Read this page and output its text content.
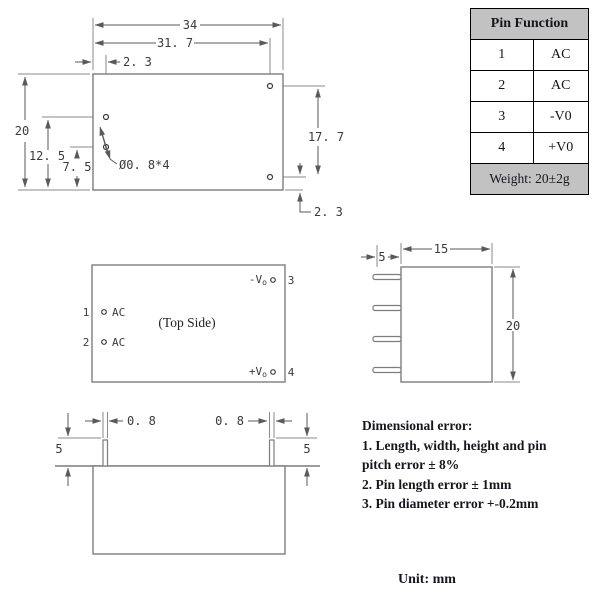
34
31. 7
2. 3
20
12. 5
7. 5
17. 7
2. 3
Ø0. 8*4
Pin Function	
1	AC
2	AC
3	-V0
4	+V0
Weight: 20±2g	
1 AC
2 AC
(Top Side)
-Vo 3
+Vo 4
15
5
20
0. 8	0. 8
5	5
Dimensional error:
1. Length, width, height and pin
pitch error ± 8%
2. Pin length error ± 1mm
3. Pin diameter error +-0.2mm
Unit: mm
